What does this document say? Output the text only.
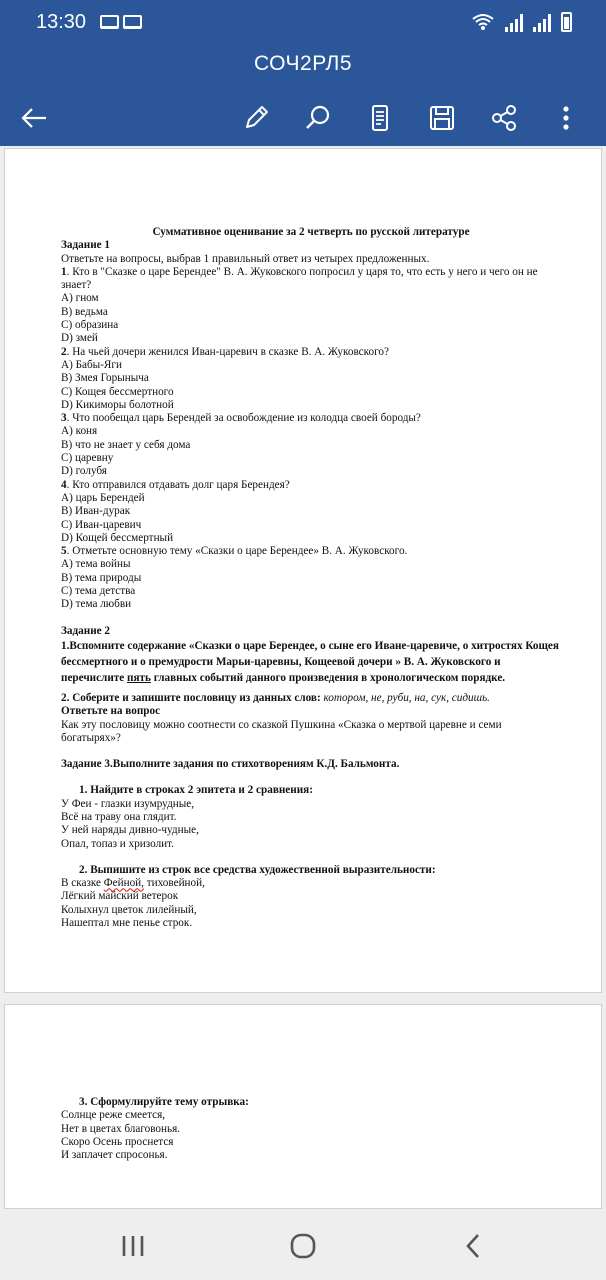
13:30
СОЧ2РЛ5

Суммативное оценивание за 2 четверть по русской литературе

Задание 1

Ответьте на вопросы, выбрав 1 правильный ответ из четырех предложенных.

1. Кто в "Сказке о царе Берендее" В. А. Жуковского попросил у царя то, что есть у него и чего он не знает?

A) гном

B) ведьма

C) образина

D) змей

2. На чьей дочери женился Иван-царевич в сказке В. А. Жуковского?

A) Бабы-Яги

B) Змея Горыныча

C) Кощея бессмертного

D) Кикиморы болотной

3. Что пообещал царь Берендей за освобождение из колодца своей бороды?

A) коня

B) что не знает у себя дома

C) царевну

D) голубя

4. Кто отправился отдавать долг царя Берендея?

A) царь Берендей

B) Иван-дурак

C) Иван-царевич

D) Кощей бессмертный

5. Отметьте основную тему «Сказки о царе Берендее» В. А. Жуковского.

A) тема войны

B) тема природы

C) тема детства

D) тема любви

Задание 2

1.Вспомните содержание «Сказки о царе Берендее, о сыне его Иване-царевиче, о хитростях Кощея бессмертного и о премудрости Марьи-царевны, Кощеевой дочери » В. А. Жуковского и перечислите пять главных событий данного произведения в хронологическом порядке.

2. Соберите и запишите пословицу из данных слов: котором, не, руби, на, сук, сидишь.

Ответьте на вопрос

Как эту пословицу можно соотнести со сказкой Пушкина «Сказка о мертвой царевне и семи богатырях»?

Задание 3.Выполните задания по стихотворениям К.Д. Бальмонта.

1. Найдите в строках 2 эпитета и 2 сравнения:

У Феи - глазки изумрудные,

Всё на траву она глядит.

У ней наряды дивно-чудные,

Опал, топаз и хризолит.

2. Выпишите из строк все средства художественной выразительности:

В сказке Фейной, тиховейной,

Лёгкий майский ветерок

Колыхнул цветок лилейный,

Нашептал мне пенье строк.

3. Сформулируйте тему отрывка:

Солнце реже смеется,

Нет в цветах благовонья.

Скоро Осень проснется

И заплачет спросонья.
